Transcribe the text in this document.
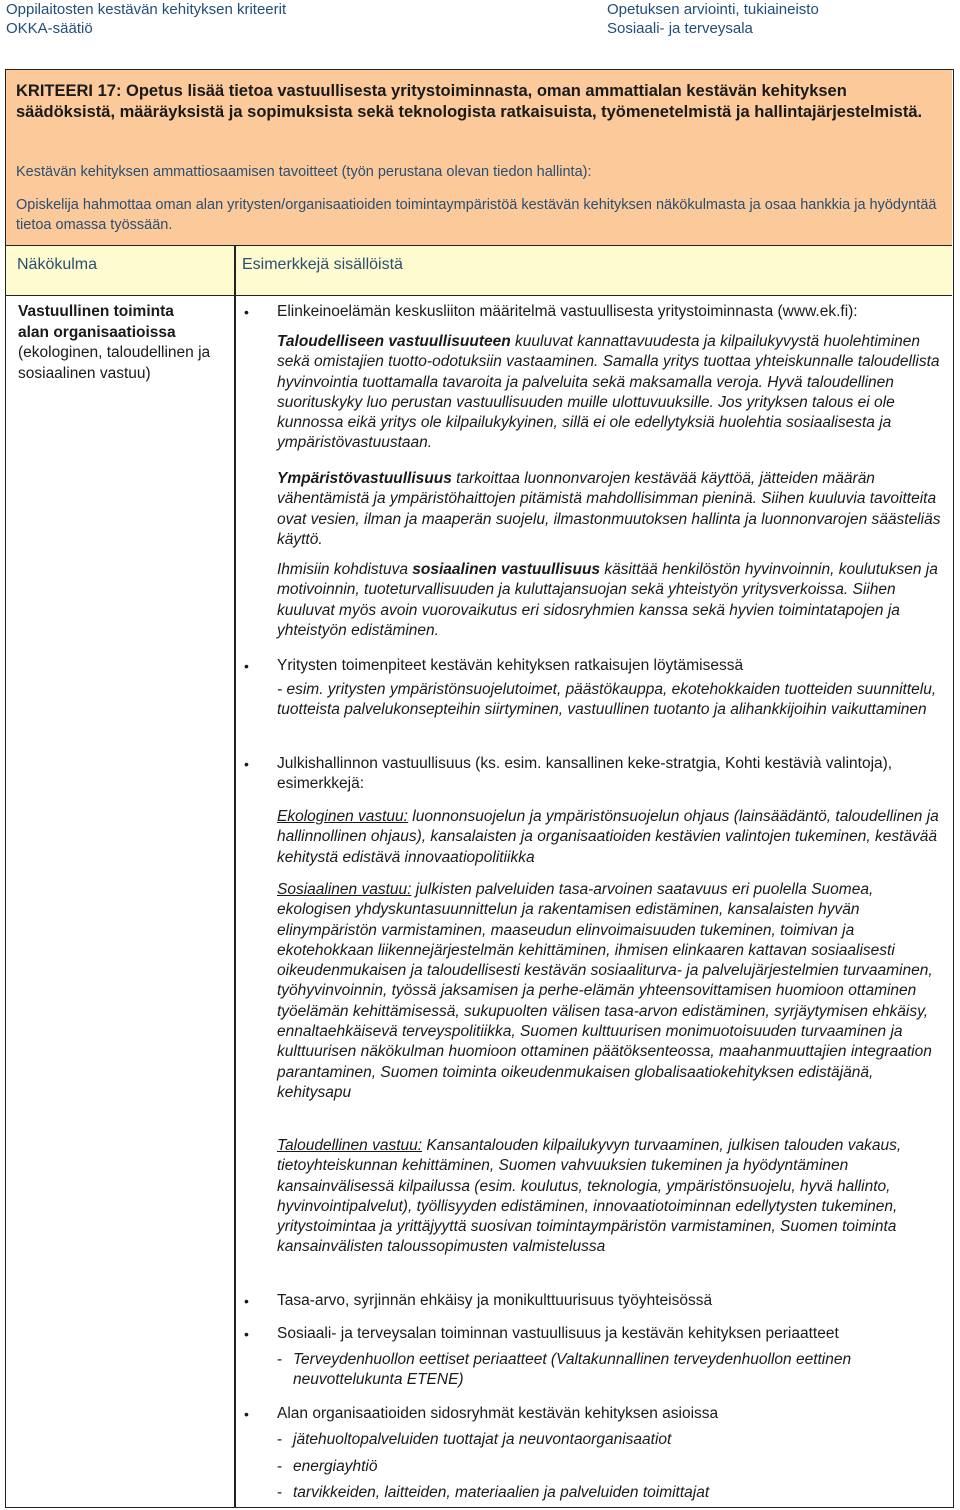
Oppilaitosten kestävän kehityksen kriteerit
OKKA-säätiö
Opetuksen arviointi, tukiaineisto
Sosiaali- ja terveysala
KRITEERI 17: Opetus lisää tietoa vastuullisesta yritystoiminnasta, oman ammattialan kestävän kehityksen säädöksistä, määräyksistä ja sopimuksista sekä teknologista ratkaisuista, työmenetelmistä ja hallintajärjestelmistä.
Kestävän kehityksen ammattiosaamisen tavoitteet (työn perustana olevan tiedon hallinta):
Opiskelija hahmottaa oman alan yritysten/organisaatioiden toimintaympäristöä kestävän kehityksen näkökulmasta ja osaa hankkia ja hyödyntää tietoa omassa työssään.
Näkökulma	Esimerkkejä sisällöistä
Vastuullinen toiminta
alan organisaatioissa
(ekologinen, taloudellinen ja sosiaalinen vastuu)
• Elinkeinoelämän keskusliiton määritelmä vastuullisesta yritystoiminnasta (www.ek.fi):
Taloudelliseen vastuullisuuteen kuuluvat kannattavuudesta ja kilpailukyvystä huolehtiminen sekä omistajien tuotto-odotuksiin vastaaminen. Samalla yritys tuottaa yhteiskunnalle taloudellista hyvinvointia tuottamalla tavaroita ja palveluita sekä maksamalla veroja. Hyvä taloudellinen suorituskyky luo perustan vastuullisuuden muille ulottuvuuksille. Jos yrityksen talous ei ole kunnossa eikä yritys ole kilpailukykyinen, sillä ei ole edellytyksiä huolehtia sosiaalisesta ja ympäristövastuustaan.
Ympäristövastuullisuus tarkoittaa luonnonvarojen kestävää käyttöä, jätteiden määrän vähentämistä ja ympäristöhaittojen pitämistä mahdollisimman pieninä. Siihen kuuluvia tavoitteita ovat vesien, ilman ja maaperän suojelu, ilmastonmuutoksen hallinta ja luonnonvarojen säästeliäs käyttö.
Ihmisiin kohdistuva sosiaalinen vastuullisuus käsittää henkilöstön hyvinvoinnin, koulutuksen ja motivoinnin, tuoteturvallisuuden ja kuluttajansuojan sekä yhteistyön yritysverkoissa. Siihen kuuluvat myös avoin vuorovaikutus eri sidosryhmien kanssa sekä hyvien toimintatapojen ja yhteistyön edistäminen.
• Yritysten toimenpiteet kestävän kehityksen ratkaisujen löytämisessä
- esim. yritysten ympäristönsuojelutoimet, päästökauppa, ekotehokkaiden tuotteiden suunnittelu, tuotteista palvelukonsepteihin siirtyminen, vastuullinen tuotanto ja alihankkijoihin vaikuttaminen
• Julkishallinnon vastuullisuus (ks. esim. kansallinen keke-stratgia, Kohti kestävià valintoja), esimerkkejä:
Ekologinen vastuu: luonnonsuojelun ja ympäristönsuojelun ohjaus (lainsäädäntö, taloudellinen ja hallinnollinen ohjaus), kansalaisten ja organisaatioiden kestävien valintojen tukeminen, kestävää kehitystä edistävä innovaatiopolitiikka
Sosiaalinen vastuu: julkisten palveluiden tasa-arvoinen saatavuus eri puolella Suomea, ekologisen yhdyskuntasuunnittelun ja rakentamisen edistäminen, kansalaisten hyvän elinympäristön varmistaminen, maaseudun elinvoimaisuuden tukeminen, toimivan ja ekotehokkaan liikennejärjestelmän kehittäminen, ihmisen elinkaaren kattavan sosiaalisesti oikeudenmukaisen ja taloudellisesti kestävän sosiaaliturva- ja palvelujärjestelmien turvaaminen, työhyvinvoinnin, työssä jaksamisen ja perhe-elämän yhteensovittamisen huomioon ottaminen työelämän kehittämisessä, sukupuolten välisen tasa-arvon edistäminen, syrjäytymisen ehkäisy, ennaltaehkäisevä terveyspolitiikka, Suomen kulttuurisen monimuotoisuuden turvaaminen ja kulttuurisen näkökulman huomioon ottaminen päätöksenteossa, maahanmuuttajien integraation parantaminen, Suomen toiminta oikeudenmukaisen globalisaatiokehityksen edistäjänä, kehitysapu
Taloudellinen vastuu: Kansantalouden kilpailukyvyn turvaaminen, julkisen talouden vakaus, tietoyhteiskunnan kehittäminen, Suomen vahvuuksien tukeminen ja hyödyntäminen kansainvälisessä kilpailussa (esim. koulutus, teknologia, ympäristönsuojelu, hyvä hallinto, hyvinvointipalvelut), työllisyyden edistäminen, innovaatiotoiminnan edellytysten tukeminen, yritystoimintaa ja yrittäjyyttä suosivan toimintaympäristön varmistaminen, Suomen toiminta kansainvälisten taloussopimusten valmistelussa
• Tasa-arvo, syrjinnän ehkäisy ja monikulttuurisuus työyhteisössä
• Sosiaali- ja terveysalan toiminnan vastuullisuus ja kestävän kehityksen periaatteet
- Terveydenhuollon eettiset periaatteet (Valtakunnallinen terveydenhuollon eettinen neuvottelukunta ETENE)
• Alan organisaatioiden sidosryhmät kestävän kehityksen asioissa
- jätehuoltopalveluiden tuottajat ja neuvontaorganisaatiot
- energiayhtiö
- tarvikkeiden, laitteiden, materiaalien ja palveluiden toimittajat
